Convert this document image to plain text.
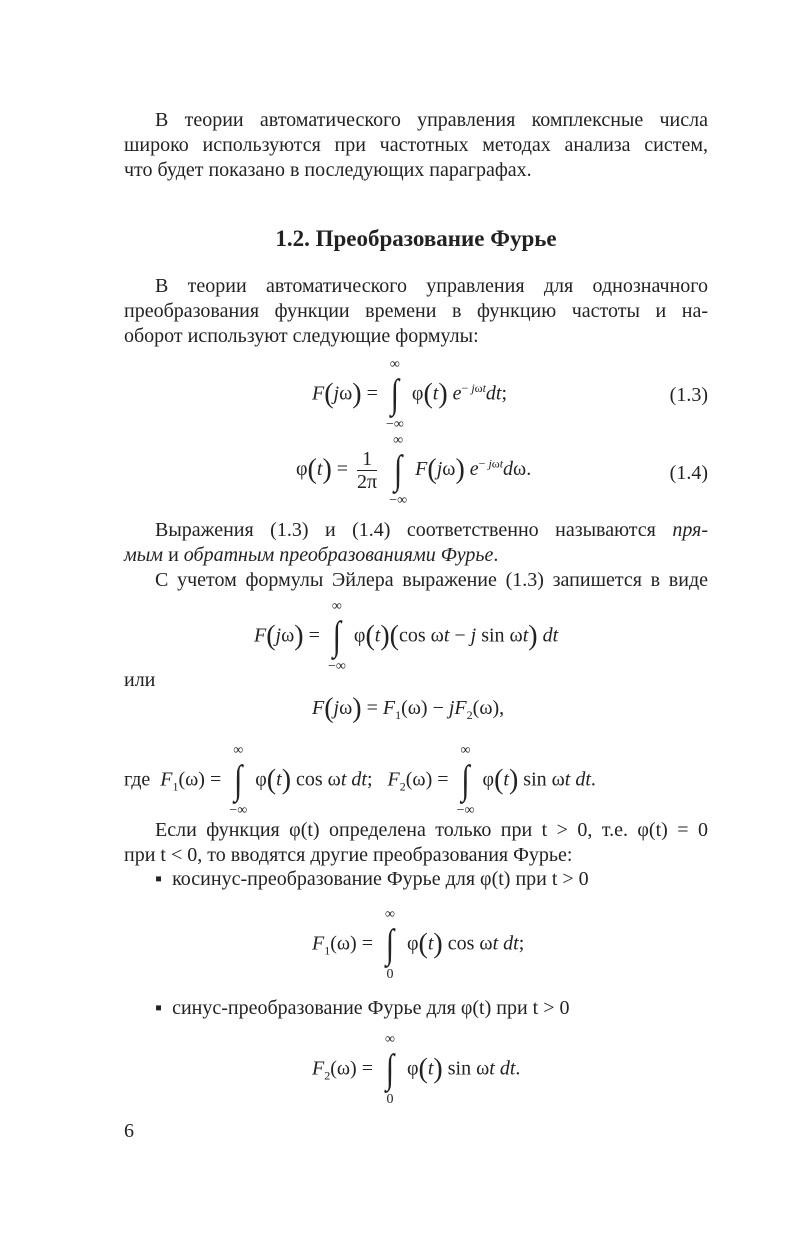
В теории автоматического управления комплексные числа
широко используются при частотных методах анализа систем,
что будет показано в последующих параграфах.
1.2. Преобразование Фурье
В теории автоматического управления для однозначного
преобразования функции времени в функцию частоты и на-
оборот используют следующие формулы:
F(jω) =
∞
∫
−∞
φ(t) $e^{- j\omega t}dt$;	(1.3)
$\varphi(t) = \frac{1}{2\pi}$

∞
∫
−∞
F(jω) $e^{- j\omega t}d\omega$.	(1.4)
Выражения (1.3) и (1.4) соответственно называются пря-
мым и обратным преобразованиями Фурье.
С учетом формулы Эйлера выражение (1.3) запишется в виде
F(jω) =
∞
∫
−∞
φ(t)(cos ωt − j sin ωt) dt
или
$F(j\omega) = F_1(\omega) - jF_2(\omega)$,
где $F_1(\omega)$ =
∞
∫
−∞
φ(t) cos ωt dt;   $F_2(\omega)$ =
∞
∫
−∞
φ(t) sin ωt dt.
Если функция φ(t) определена только при t > 0, т.е. φ(t) = 0
при t < 0, то вводятся другие преобразования Фурье:
▪ косинус-преобразование Фурье для φ(t) при t > 0
$F_1(\omega)$ =
∞
∫
0
φ(t) cos ωt dt;
▪ синус-преобразование Фурье для φ(t) при t > 0
$F_2(\omega)$ =
∞
∫
0
φ(t) sin ωt dt.
6
